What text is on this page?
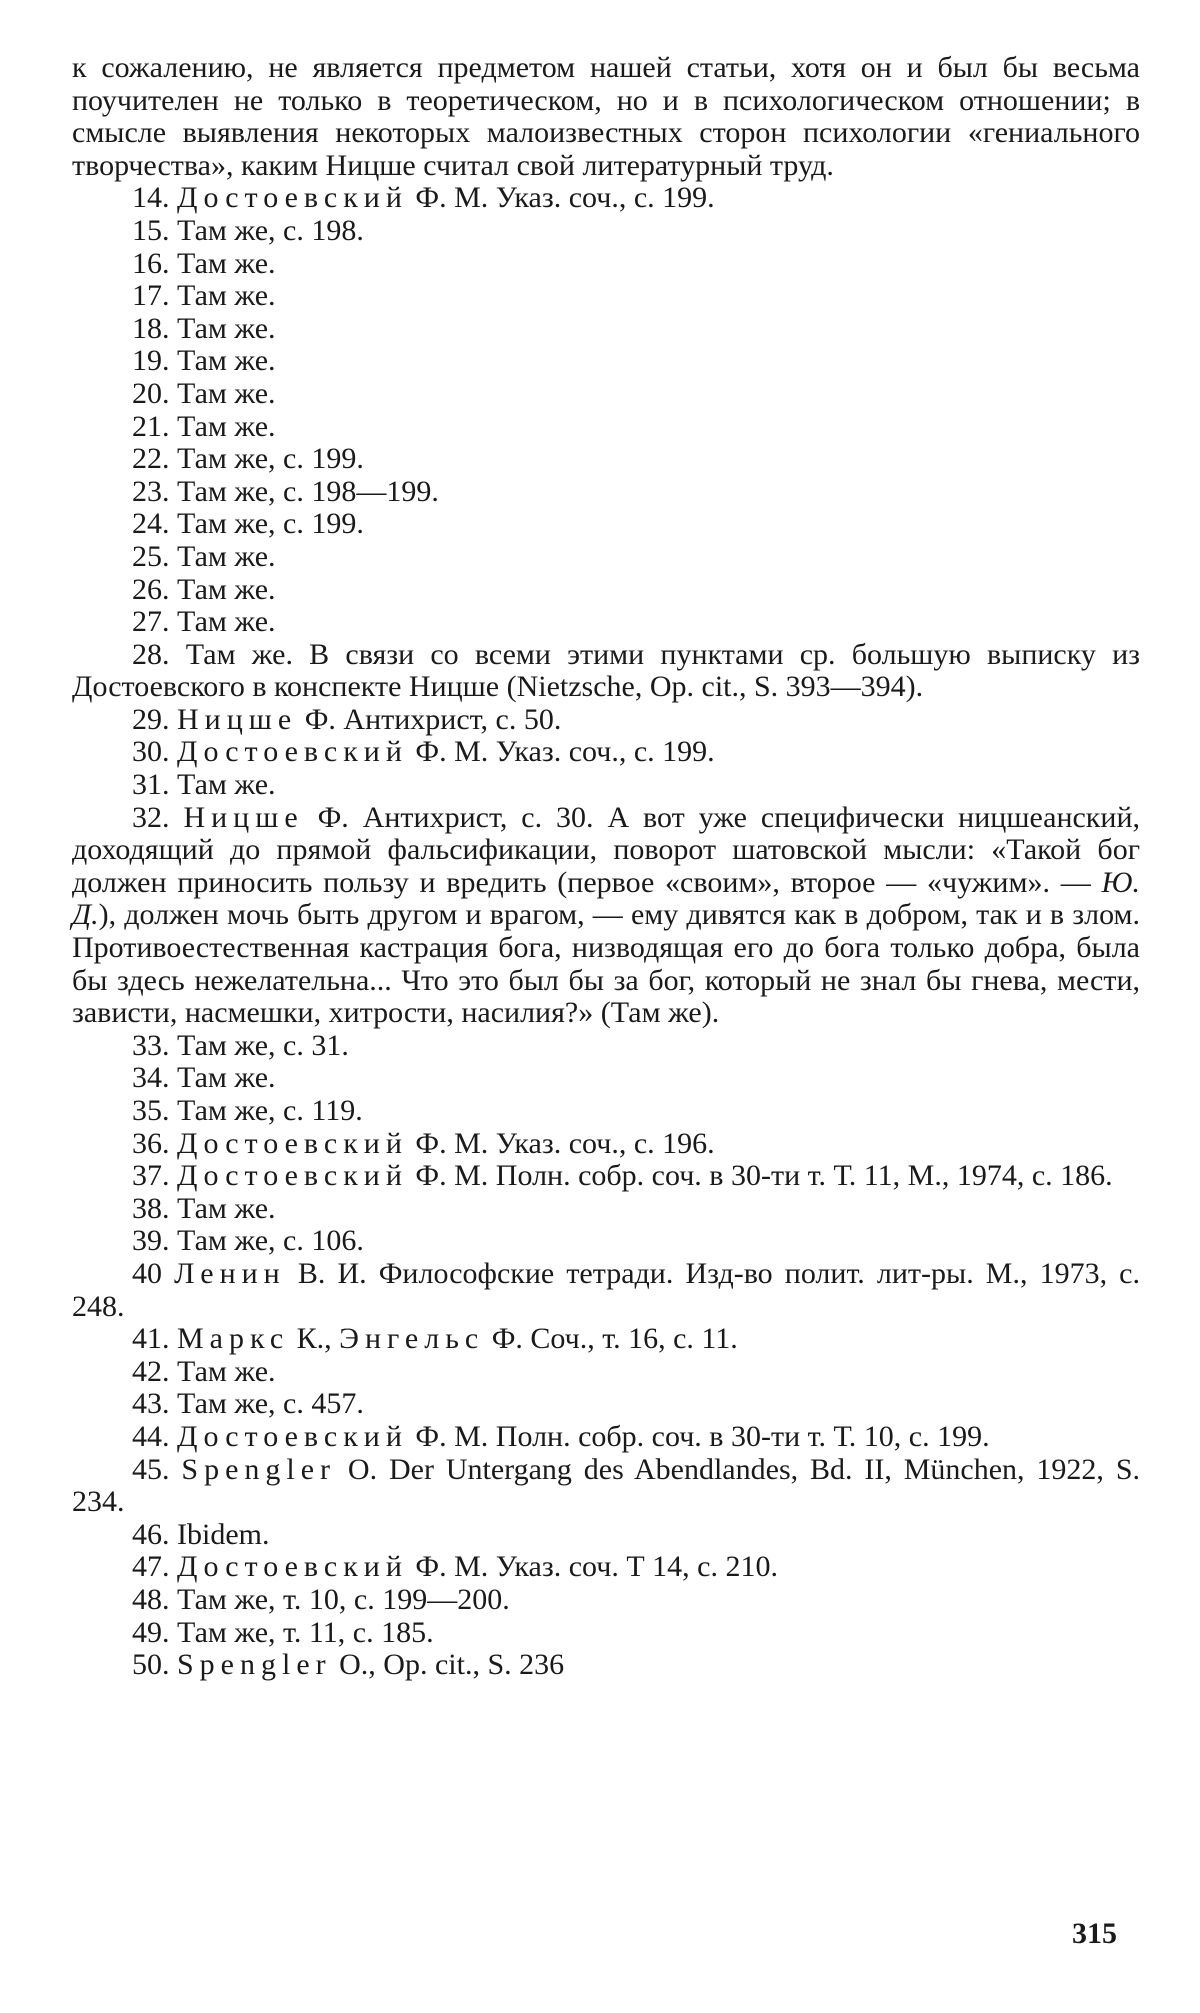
к сожалению, не является предметом нашей статьи, хотя он и был бы весьма поучителен не только в теоретическом, но и в психологическом отношении; в смысле выявления некоторых малоизвестных сторон психологии «гениального творчества», каким Ницше считал свой литературный труд.

14. Достоевский Ф. М. Указ. соч., с. 199.

15. Там же, с. 198.

16. Там же.

17. Там же.

18. Там же.

19. Там же.

20. Там же.

21. Там же.

22. Там же, с. 199.

23. Там же, с. 198—199.

24. Там же, с. 199.

25. Там же.

26. Там же.

27. Там же.

28. Там же. В связи со всеми этими пунктами ср. большую выписку из Достоевского в конспекте Ницше (Nietzsche, Op. cit., S. 393—394).

29. Ницше Ф. Антихрист, с. 50.

30. Достоевский Ф. М. Указ. соч., с. 199.

31. Там же.

32. Ницше Ф. Антихрист, с. 30. А вот уже специфически ницшеанский, доходящий до прямой фальсификации, поворот шатовской мысли: «Такой бог должен приносить пользу и вредить (первое «своим», второе — «чужим». — Ю. Д.), должен мочь быть другом и врагом, — ему дивятся как в добром, так и в злом. Противоестественная кастрация бога, низводящая его до бога только добра, была бы здесь нежелательна... Что это был бы за бог, который не знал бы гнева, мести, зависти, насмешки, хитрости, насилия?» (Там же).

33. Там же, с. 31.

34. Там же.

35. Там же, с. 119.

36. Достоевский Ф. М. Указ. соч., с. 196.

37. Достоевский Ф. М. Полн. собр. соч. в 30-ти т. Т. 11, М., 1974, с. 186.

38. Там же.

39. Там же, с. 106.

40 Ленин В. И. Философские тетради. Изд-во полит. лит-ры. М., 1973, с. 248.

41. Маркс К., Энгельс Ф. Соч., т. 16, с. 11.

42. Там же.

43. Там же, с. 457.

44. Достоевский Ф. М. Полн. собр. соч. в 30-ти т. Т. 10, с. 199.

45. Spengler O. Der Untergang des Abendlandes, Bd. II, München, 1922, S. 234.

46. Ibidem.

47. Достоевский Ф. М. Указ. соч. Т 14, с. 210.

48. Там же, т. 10, с. 199—200.

49. Там же, т. 11, с. 185.

50. Spengler O., Op. cit., S. 236

315
